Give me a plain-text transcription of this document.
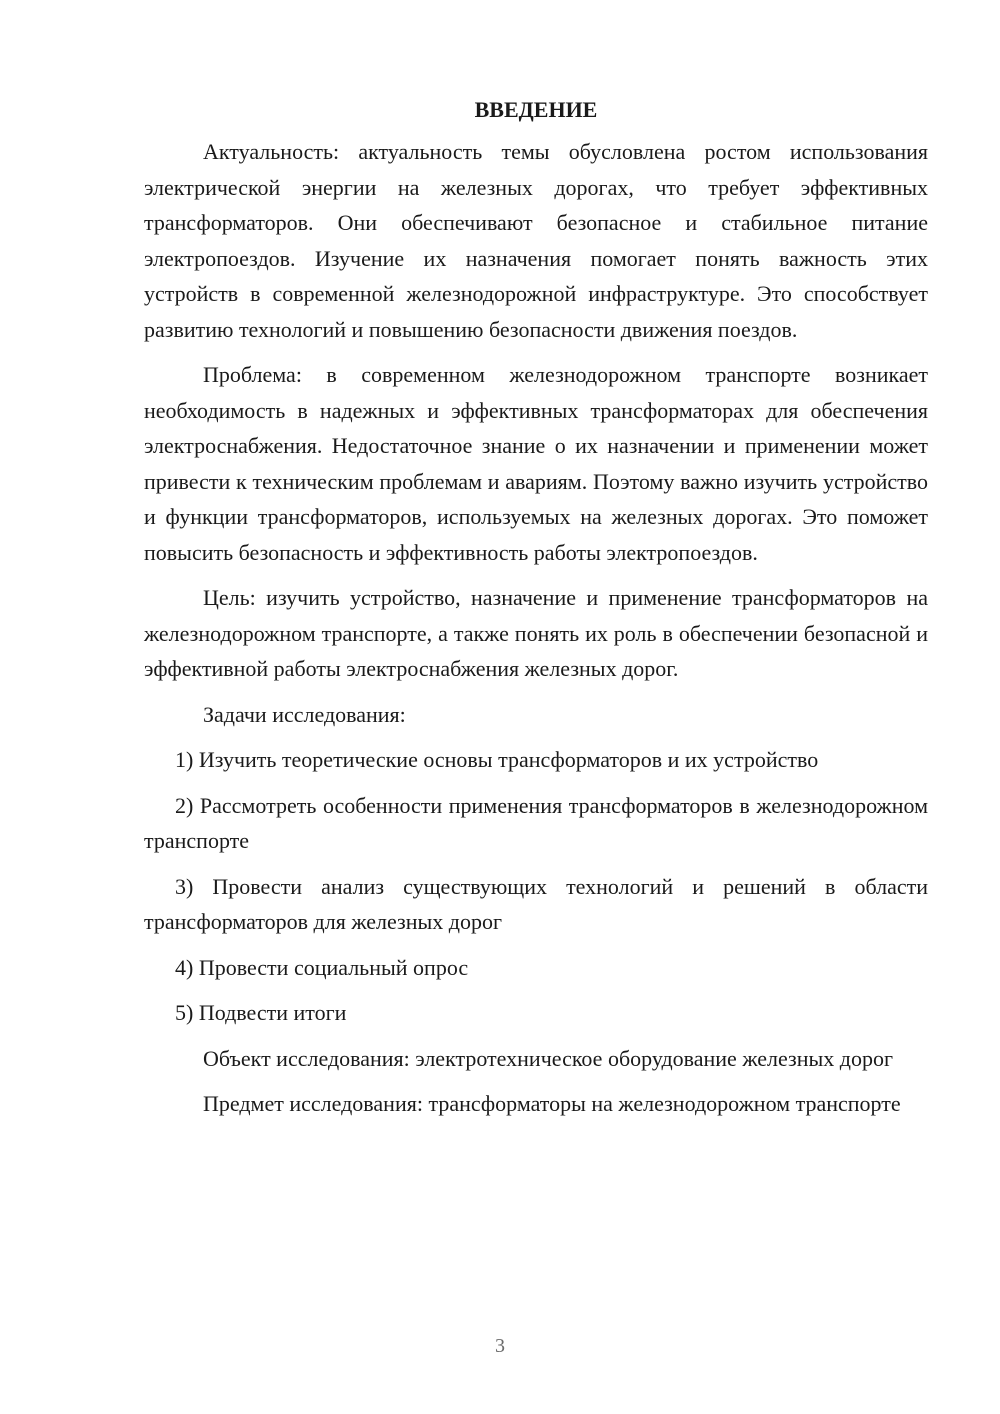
ВВЕДЕНИЕ

Актуальность: актуальность темы обусловлена ростом использования электрической энергии на железных дорогах, что требует эффективных трансформаторов. Они обеспечивают безопасное и стабильное питание электропоездов. Изучение их назначения помогает понять важность этих устройств в современной железнодорожной инфраструктуре. Это способствует развитию технологий и повышению безопасности движения поездов.

Проблема: в современном железнодорожном транспорте возникает необходимость в надежных и эффективных трансформаторах для обеспечения электроснабжения. Недостаточное знание о их назначении и применении может привести к техническим проблемам и авариям. Поэтому важно изучить устройство и функции трансформаторов, используемых на железных дорогах. Это поможет повысить безопасность и эффективность работы электропоездов.

Цель: изучить устройство, назначение и применение трансформаторов на железнодорожном транспорте, а также понять их роль в обеспечении безопасной и эффективной работы электроснабжения железных дорог.

Задачи исследования:

1) Изучить теоретические основы трансформаторов и их устройство

2) Рассмотреть особенности применения трансформаторов в железнодорожном транспорте

3) Провести анализ существующих технологий и решений в области трансформаторов для железных дорог

4) Провести социальный опрос

5) Подвести итоги

Объект исследования: электротехническое оборудование железных дорог

Предмет исследования: трансформаторы на железнодорожном транспорте

3
